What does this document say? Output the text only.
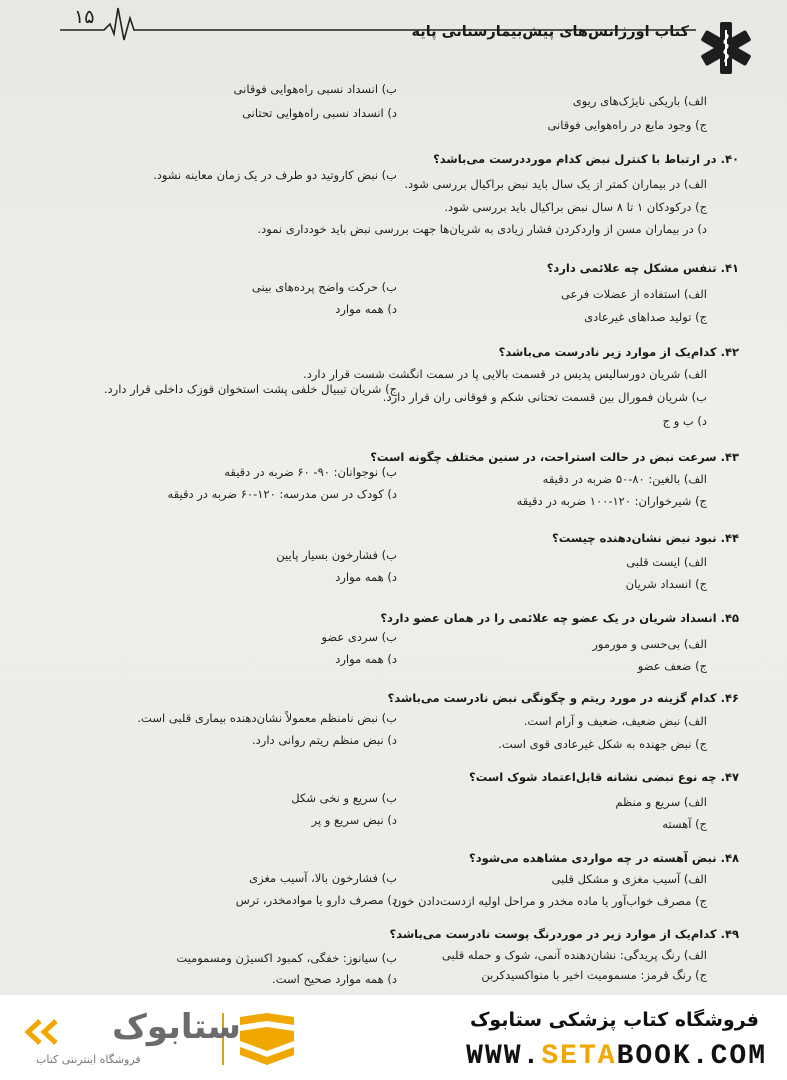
۱۵
کتاب اورژانس‌های پیش‌بیمارستانی پایه
ب) انسداد نسبی راه‌هوایی فوقانی
الف) باریکی نایژک‌های ریوی
د) انسداد نسبی راه‌هوایی تحتانی
ج) وجود مایع در راه‌هوایی فوقانی
۴۰. در ارتباط با کنترل نبض کدام مورددرست می‌باشد؟
ب) نبض کاروتید دو طرف در یک زمان معاینه نشود.
الف) در بیماران کمتر از یک سال باید نبض براکیال بررسی شود.
ج) درکودکان ۱ تا ۸ سال نبض براکیال باید بررسی شود.
د) در بیماران مسن از واردکردن فشار زیادی به شریان‌ها جهت بررسی نبض باید خودداری نمود.
۴۱. تنفس مشکل چه علائمی دارد؟
ب) حرکت واضح پرده‌های بینی	الف) استفاده از عضلات فرعی
د) همه موارد
ج) تولید صداهای غیرعادی
۴۲. کدام‌یک از موارد زیر نادرست می‌باشد؟
الف) شریان دورسالیس پدیس در قسمت بالایی پا در سمت انگشت شست قرار دارد.
ج) شریان تیبیال خلفی پشت استخوان قوزک داخلی قرار دارد.
ب) شریان فمورال بین قسمت تحتانی شکم و فوقانی ران قرار دارد.
د) ب و ج
۴۳. سرعت نبض در حالت استراحت، در سنین مختلف چگونه است؟
ب) نوجوانان: ۹۰- ۶۰ ضربه در دقیقه	الف) بالغین: ۸۰-۵۰ ضربه در دقیقه
د) کودک در سن مدرسه: ۱۲۰-۶۰ ضربه در دقیقه	ج) شیرخواران: ۱۲۰-۱۰۰ ضربه در دقیقه
۴۴. نبود نبض نشان‌دهنده چیست؟
ب) فشارخون بسیار پایین	الف) ایست قلبی
د) همه موارد	ج) انسداد شریان
۴۵. انسداد شریان در یک عضو چه علائمی را در همان عضو دارد؟
ب) سردی عضو	الف) بی‌حسی و مورمور
د) همه موارد	ج) ضعف عضو
۴۶. کدام گزینه در مورد ریتم و چگونگی نبض نادرست می‌باشد؟
ب) نبض نامنظم معمولاً نشان‌دهنده بیماری قلبی است.	الف) نبض ضعیف، ضعیف و آرام است.
د) نبض منظم ریتم روانی دارد.	ج) نبض جهنده به شکل غیرعادی قوی است.
۴۷. چه نوع نبضی نشانه قابل‌اعتماد شوک است؟
ب) سریع و نخی شکل	الف) سریع و منظم
د) نبض سریع و پر	ج) آهسته
۴۸. نبض آهسته در چه مواردی مشاهده می‌شود؟
ب) فشارخون بالا، آسیب مغزی	الف) آسیب مغزی و مشکل قلبی
د) مصرف دارو یا موادمخدر، ترس
ج) مصرف خواب‌آور یا ماده مخدر و مراحل اولیه ازدست‌دادن خون
۴۹. کدام‌یک از موارد زیر در موردرنگ پوست نادرست می‌باشد؟
الف) رنگ پریدگی: نشان‌دهنده آنمی، شوک و حمله قلبی
ب) سیانوز: خفگی، کمبود اکسیژن ومسمومیت
ج) رنگ قرمز: مسمومیت اخیر با منواکسیدکربن
د) همه موارد صحیح است.
ستابوک
فروشگاه اینترنتی کتاب
فروشگاه کتاب پزشکی ستابوک
WWW.SETABOOK.COM
